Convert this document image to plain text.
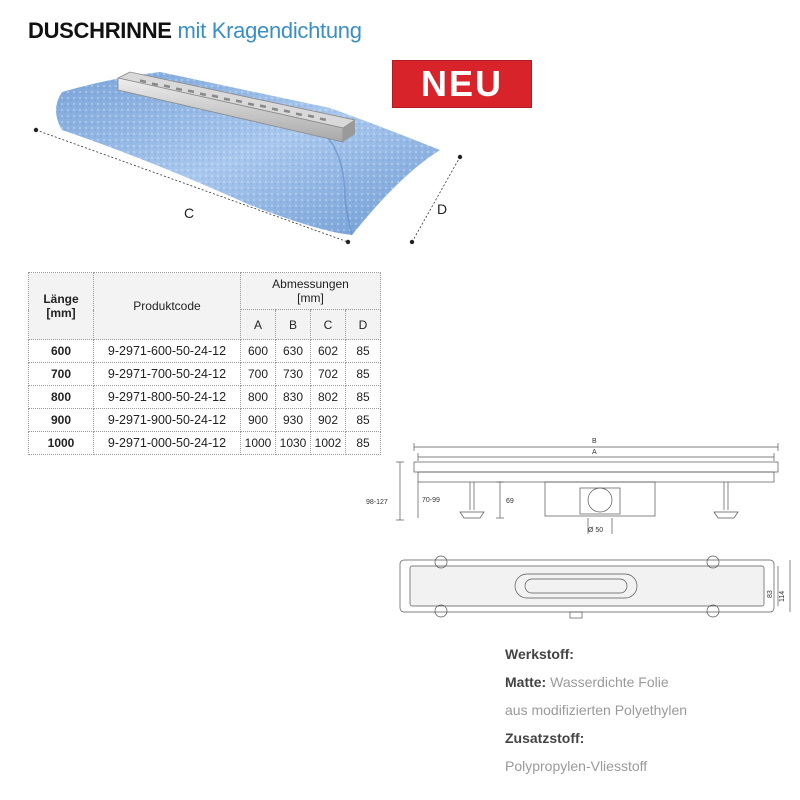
DUSCHRINNE mit Kragendichtung
NEU
C	D
Länge
[mm]	Produktcode	Abmessungen
[mm]			
		A	B	C	D
600	9-2971-600-50-24-12	600	630	602	85
700	9-2971-700-50-24-12	700	730	702	85
800	9-2971-800-50-24-12	800	830	802	85
900	9-2971-900-50-24-12	900	930	902	85
1000	9-2971-000-50-24-12	1000	1030	1002	85	B
A
98-127	70-99	69
Ø 50
83 114
Werkstoff:
Matte: Wasserdichte Folie
aus modifizierten Polyethylen
Zusatzstoff:
Polypropylen-Vliesstoff
